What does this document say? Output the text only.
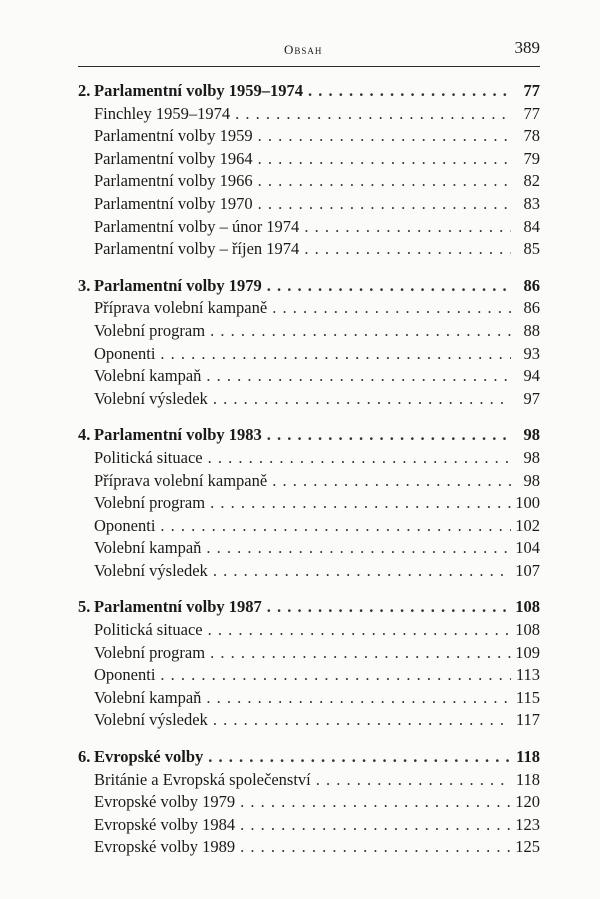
Obsah	389
2. Parlamentní volby 1959–1974 . . .	77
Finchley 1959–1974 . . .	77
Parlamentní volby 1959 . . .	78
Parlamentní volby 1964 . . .	79
Parlamentní volby 1966 . . .	82
Parlamentní volby 1970 . . .	83
Parlamentní volby – únor 1974 . . .	84
Parlamentní volby – říjen 1974 . . .	85
3. Parlamentní volby 1979 . . .	86
Příprava volební kampaně . . .	86
Volební program . . .	88
Oponenti . . .	93
Volební kampaň . . .	94
Volební výsledek . . .	97
4. Parlamentní volby 1983 . . .	98
Politická situace . . .	98
Příprava volební kampaně . . .	98
Volební program . . .	100
Oponenti . . .	102
Volební kampaň . . .	104
Volební výsledek . . .	107
5. Parlamentní volby 1987 . . .	108
Politická situace . . .	108
Volební program . . .	109
Oponenti . . .	113
Volební kampaň . . .	115
Volební výsledek . . .	117
6. Evropské volby . . .	118
Británie a Evropská společenství . . .	118
Evropské volby 1979 . . .	120
Evropské volby 1984 . . .	123
Evropské volby 1989 . . .	125
